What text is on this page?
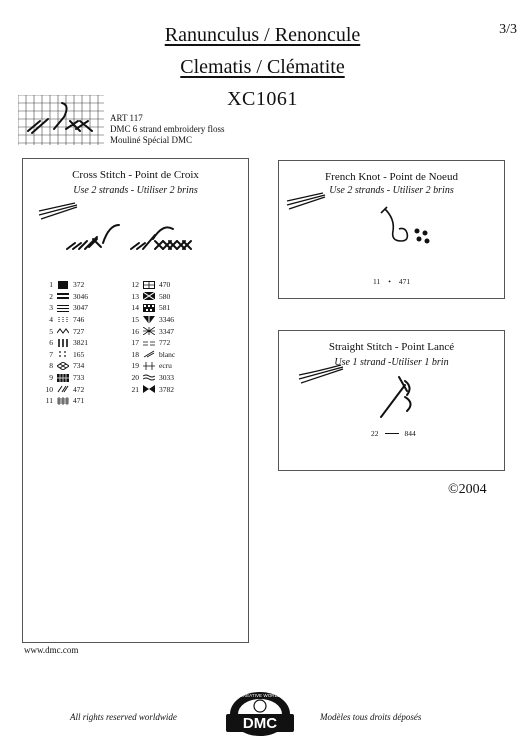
3/3
Ranunculus / Renoncule
Clematis / Clématite
XC1061
ART 117
DMC 6 strand embroidery floss
Mouliné Spécial DMC
Cross Stitch - Point de Croix
Use 2 strands - Utiliser 2 brins
1	372
2	3046
3	3047
4	746
5	727
6	3821
7	165
8	734
9	733
10	472
11	471
12	470
13	580
14	581
15	3346
16	3347
17	772
18	blanc
19	ecru
20	3033
21	3782
French Knot - Point de Noeud
Use 2 strands - Utiliser 2 brins
11 • 471
Straight Stitch - Point Lancé
Use 1 strand -Utiliser 1 brin
22	844
©2004
www.dmc.com
All rights reserved worldwide	Modèles tous droits déposés
DMC
CREATIVE WORLD
